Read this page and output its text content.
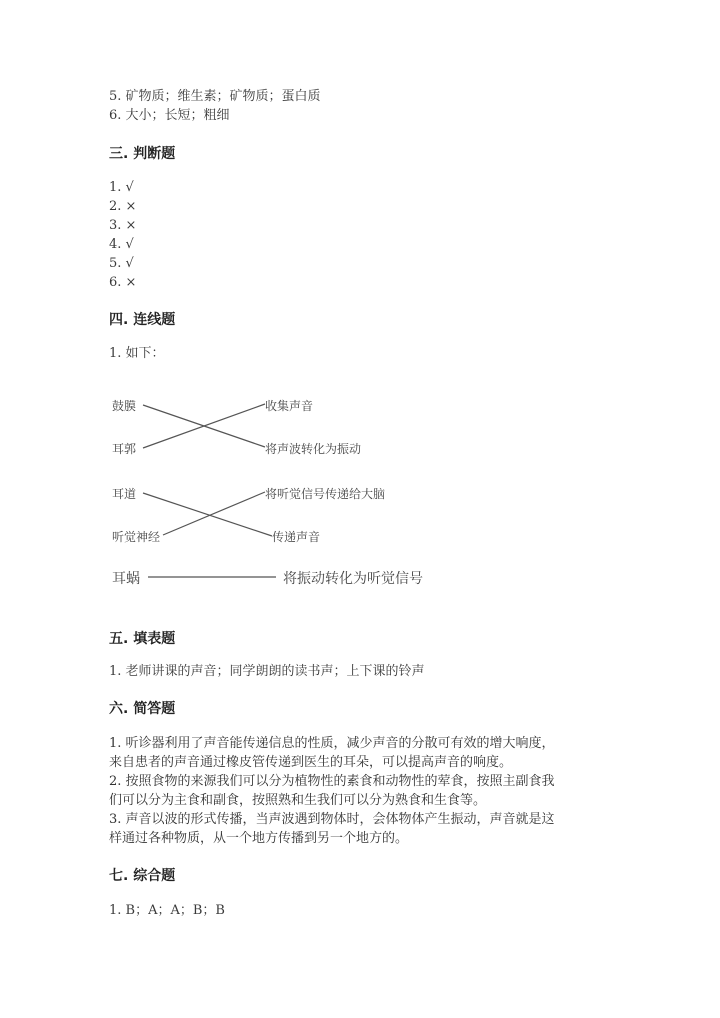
5. 矿物质；维生素；矿物质；蛋白质
6. 大小；长短；粗细
三. 判断题
1. √
2. ×
3. ×
4. √
5. √
6. ×
四. 连线题
1. 如下：
鼓膜
耳郭
收集声音
将声波转化为振动
耳道
听觉神经
将听觉信号传递给大脑
传递声音
耳蜗	将振动转化为听觉信号
五. 填表题
1. 老师讲课的声音；同学朗朗的读书声；上下课的铃声
六. 简答题
1. 听诊器利用了声音能传递信息的性质，减少声音的分散可有效的增大响度，
来自患者的声音通过橡皮管传递到医生的耳朵，可以提高声音的响度。
2. 按照食物的来源我们可以分为植物性的素食和动物性的荤食，按照主副食我
们可以分为主食和副食，按照熟和生我们可以分为熟食和生食等。
3. 声音以波的形式传播，当声波遇到物体时，会体物体产生振动，声音就是这
样通过各种物质，从一个地方传播到另一个地方的。
七. 综合题
1. B；A；A；B；B
